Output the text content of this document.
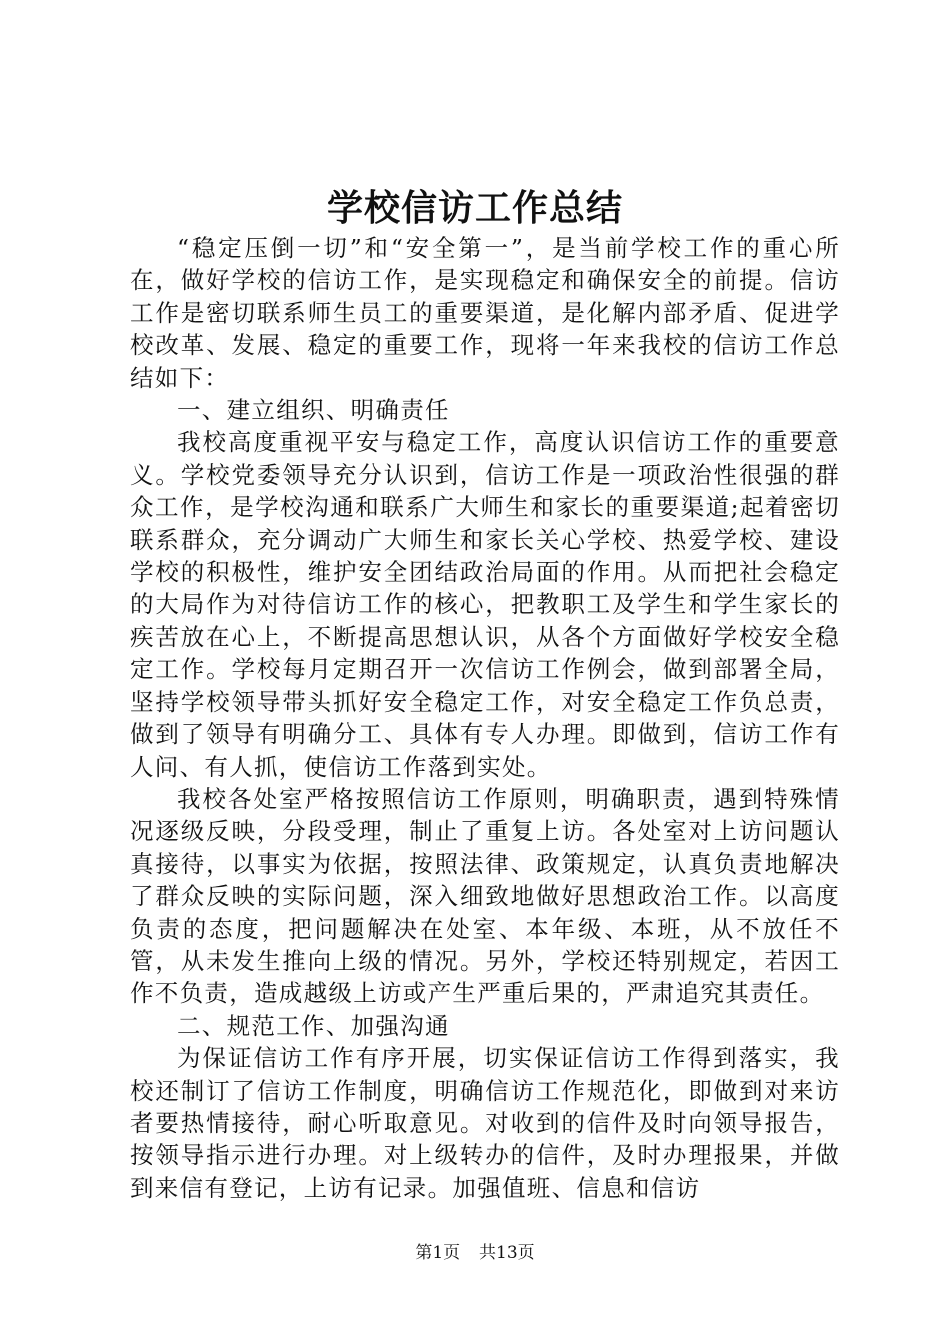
学校信访工作总结

“稳定压倒一切”和“安全第一”，是当前学校工作的重心所在，做好学校的信访工作，是实现稳定和确保安全的前提。信访工作是密切联系师生员工的重要渠道，是化解内部矛盾、促进学校改革、发展、稳定的重要工作，现将一年来我校的信访工作总结如下：

一、建立组织、明确责任

我校高度重视平安与稳定工作，高度认识信访工作的重要意义。学校党委领导充分认识到，信访工作是一项政治性很强的群众工作，是学校沟通和联系广大师生和家长的重要渠道;起着密切联系群众，充分调动广大师生和家长关心学校、热爱学校、建设学校的积极性，维护安全团结政治局面的作用。从而把社会稳定的大局作为对待信访工作的核心，把教职工及学生和学生家长的疾苦放在心上，不断提高思想认识，从各个方面做好学校安全稳定工作。学校每月定期召开一次信访工作例会，做到部署全局，坚持学校领导带头抓好安全稳定工作，对安全稳定工作负总责，做到了领导有明确分工、具体有专人办理。即做到，信访工作有人问、有人抓，使信访工作落到实处。

我校各处室严格按照信访工作原则，明确职责，遇到特殊情况逐级反映，分段受理，制止了重复上访。各处室对上访问题认真接待，以事实为依据，按照法律、政策规定，认真负责地解决了群众反映的实际问题，深入细致地做好思想政治工作。以高度负责的态度，把问题解决在处室、本年级、本班，从不放任不管，从未发生推向上级的情况。另外，学校还特别规定，若因工作不负责，造成越级上访或产生严重后果的，严肃追究其责任。

二、规范工作、加强沟通

为保证信访工作有序开展，切实保证信访工作得到落实，我校还制订了信访工作制度，明确信访工作规范化，即做到对来访者要热情接待，耐心听取意见。对收到的信件及时向领导报告，按领导指示进行办理。对上级转办的信件，及时办理报果，并做到来信有登记，上访有记录。加强值班、信息和信访

第1页 共13页
